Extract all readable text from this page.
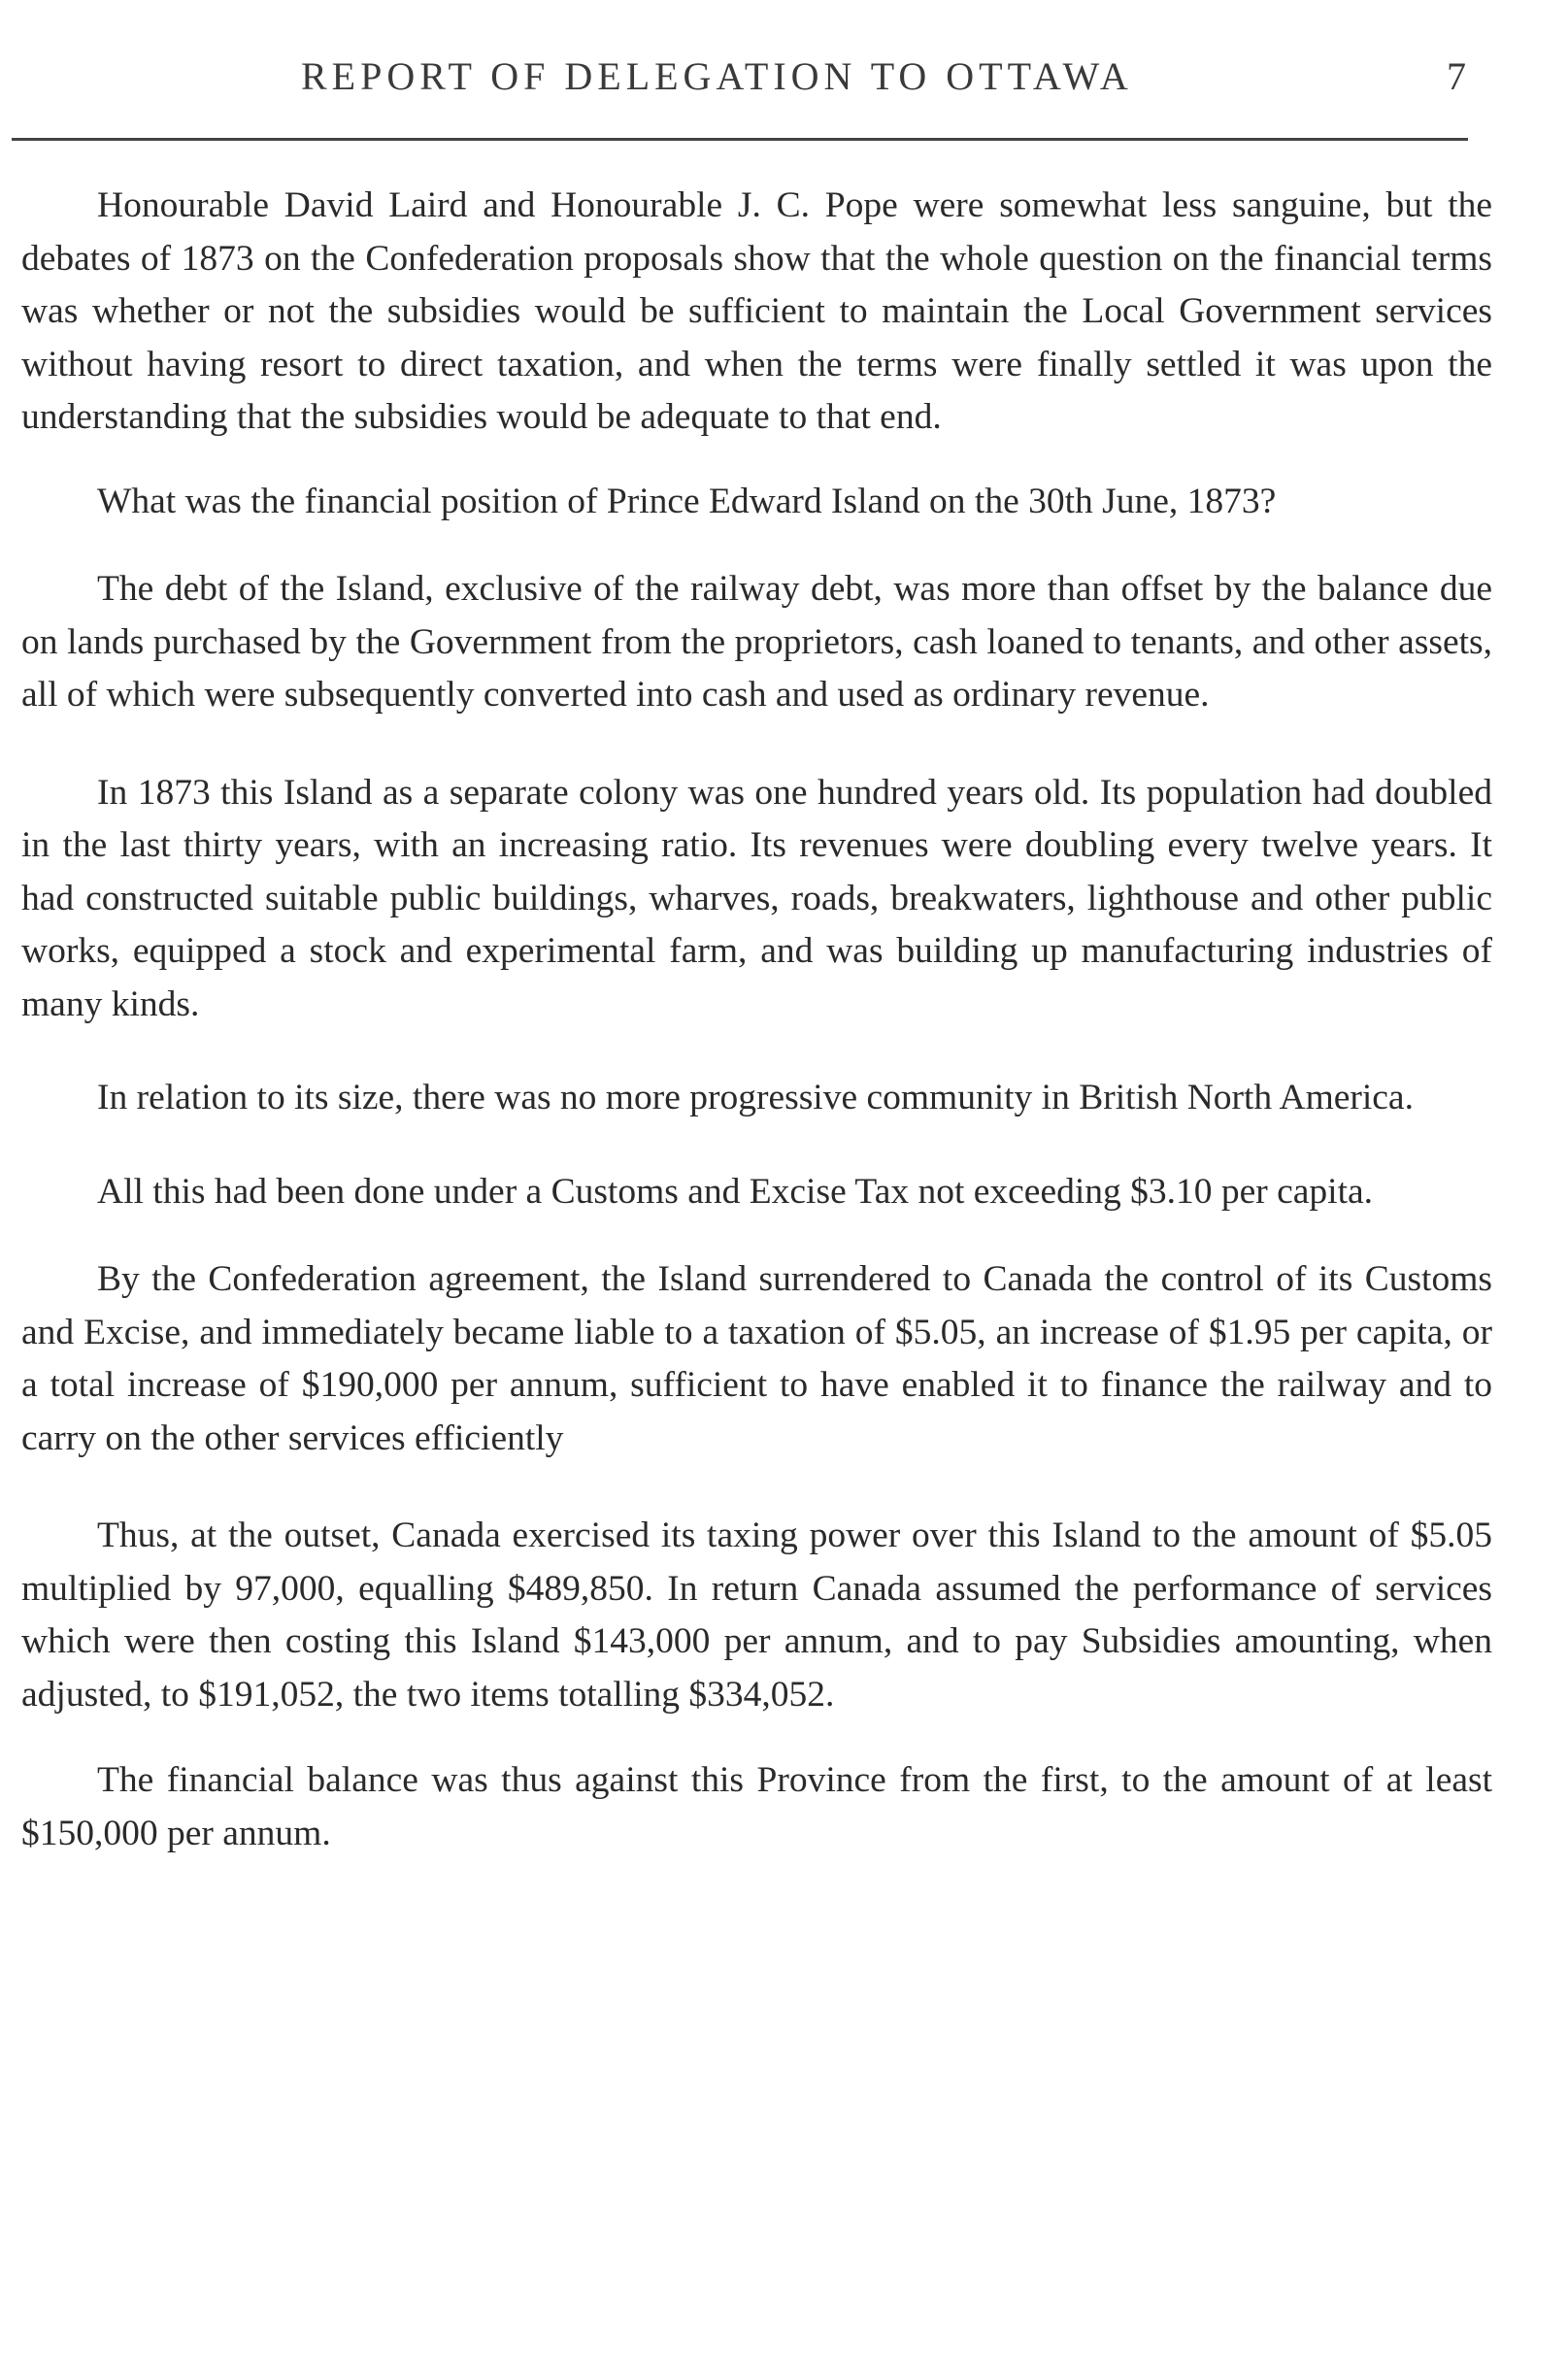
REPORT OF DELEGATION TO OTTAWA	7

Honourable David Laird and Honourable J. C. Pope were somewhat less sanguine, but the debates of 1873 on the Confederation proposals show that the whole question on the financial terms was whether or not the subsidies would be sufficient to maintain the Local Government services without having resort to direct taxation, and when the terms were finally settled it was upon the understanding that the subsidies would be adequate to that end.

What was the financial position of Prince Edward Island on the 30th June, 1873?

The debt of the Island, exclusive of the railway debt, was more than offset by the balance due on lands purchased by the Government from the proprietors, cash loaned to tenants, and other assets, all of which were subsequently converted into cash and used as ordinary revenue.

In 1873 this Island as a separate colony was one hundred years old. Its population had doubled in the last thirty years, with an increasing ratio. Its revenues were doubling every twelve years. It had constructed suitable public buildings, wharves, roads, breakwaters, lighthouse and other public works, equipped a stock and experimental farm, and was building up manufacturing industries of many kinds.

In relation to its size, there was no more progressive community in British North America.

All this had been done under a Customs and Excise Tax not exceeding $3.10 per capita.

By the Confederation agreement, the Island surrendered to Canada the control of its Customs and Excise, and immediately became liable to a taxation of $5.05, an increase of $1.95 per capita, or a total increase of $190,000 per annum, sufficient to have enabled it to finance the railway and to carry on the other services efficiently

Thus, at the outset, Canada exercised its taxing power over this Island to the amount of $5.05 multiplied by 97,000, equalling $489,850. In return Canada assumed the performance of services which were then costing this Island $143,000 per annum, and to pay Subsidies amounting, when adjusted, to $191,052, the two items totalling $334,052.

The financial balance was thus against this Province from the first, to the amount of at least $150,000 per annum.
